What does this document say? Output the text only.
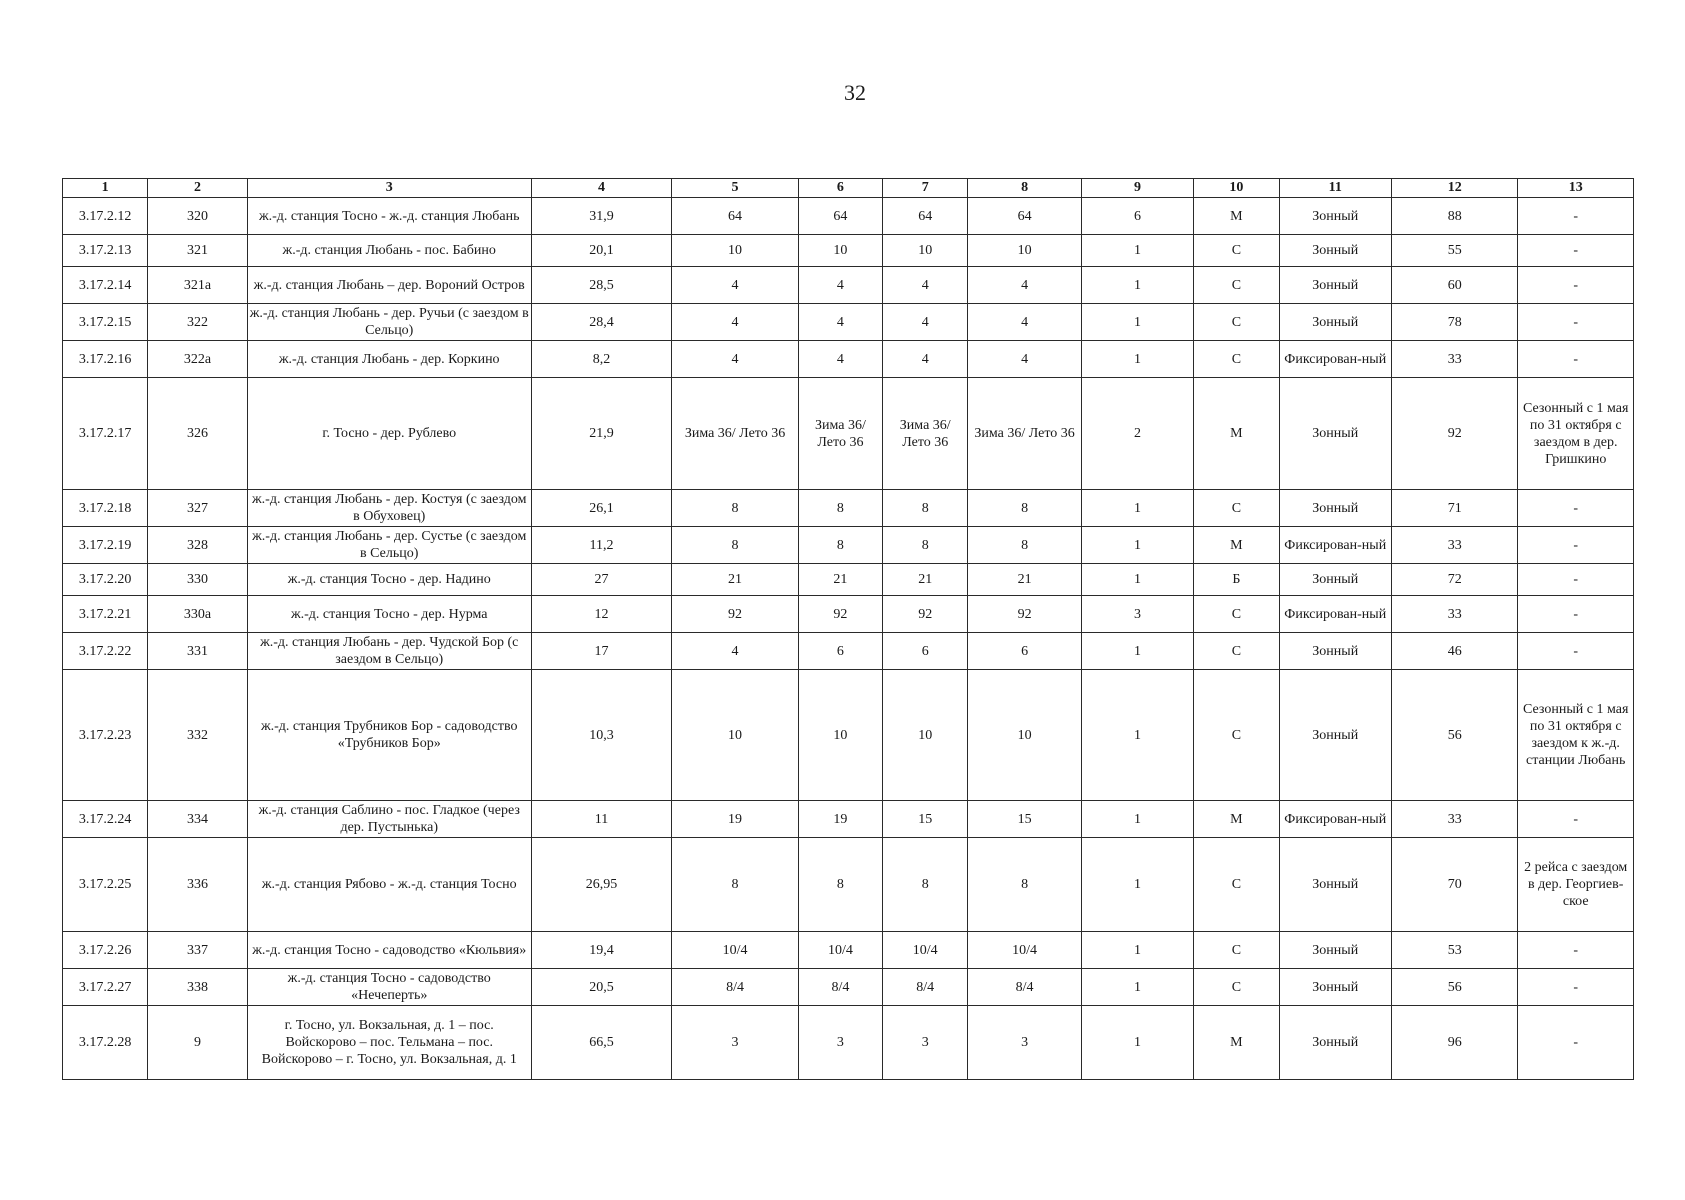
32
1	2	3	4	5	6	7	8	9	10	11	12	13
3.17.2.12	320	ж.-д. станция Тосно - ж.-д. станция Любань	31,9	64	64	64	64	6	М	Зонный	88	-
3.17.2.13	321	ж.-д. станция Любань - пос. Бабино	20,1	10	10	10	10	1	С	Зонный	55	-
3.17.2.14	321а	ж.-д. станция Любань – дер. Вороний Остров	28,5	4	4	4	4	1	С	Зонный	60	-
3.17.2.15	322	ж.-д. станция Любань - дер. Ручьи (с заездом в Сельцо)	28,4	4	4	4	4	1	С	Зонный	78	-
3.17.2.16	322а	ж.-д. станция Любань - дер. Коркино	8,2	4	4	4	4	1	С	Фиксирован-ный	33	-
3.17.2.17	326	г. Тосно - дер. Рублево	21,9	Зима 36/ Лето 36	Зима 36/ Лето 36	Зима 36/ Лето 36	Зима 36/ Лето 36	2	М	Зонный	92	Сезонный с 1 мая по 31 октября с заездом в дер. Гришкино
3.17.2.18	327	ж.-д. станция Любань - дер. Костуя (с заездом в Обуховец)	26,1	8	8	8	8	1	С	Зонный	71	-
3.17.2.19	328	ж.-д. станция Любань - дер. Сустье (с заездом в Сельцо)	11,2	8	8	8	8	1	М	Фиксирован-ный	33	-
3.17.2.20	330	ж.-д. станция Тосно - дер. Надино	27	21	21	21	21	1	Б	Зонный	72	-
3.17.2.21	330а	ж.-д. станция Тосно - дер. Нурма	12	92	92	92	92	3	С	Фиксирован-ный	33	-
3.17.2.22	331	ж.-д. станция Любань - дер. Чудской Бор (с заездом в Сельцо)	17	4	6	6	6	1	С	Зонный	46	-
3.17.2.23	332	ж.-д. станция Трубников Бор - садоводство «Трубников Бор»	10,3	10	10	10	10	1	С	Зонный	56	Сезонный с 1 мая по 31 октября с заездом к ж.-д. станции Любань
3.17.2.24	334	ж.-д. станция Саблино - пос. Гладкое (через дер. Пустынька)	11	19	19	15	15	1	М	Фиксирован-ный	33	-
3.17.2.25	336	ж.-д. станция Рябово - ж.-д. станция Тосно	26,95	8	8	8	8	1	С	Зонный	70	2 рейса с заездом в дер. Георгиев-ское
3.17.2.26	337	ж.-д. станция Тосно - садоводство «Кюльвия»	19,4	10/4	10/4	10/4	10/4	1	С	Зонный	53	-
3.17.2.27	338	ж.-д. станция Тосно - садоводство «Нечеперть»	20,5	8/4	8/4	8/4	8/4	1	С	Зонный	56	-
3.17.2.28	9	г. Тосно, ул. Вокзальная, д. 1 – пос. Войскорово – пос. Тельмана – пос. Войскорово – г. Тосно, ул. Вокзальная, д. 1	66,5	3	3	3	3	1	М	Зонный	96	-
